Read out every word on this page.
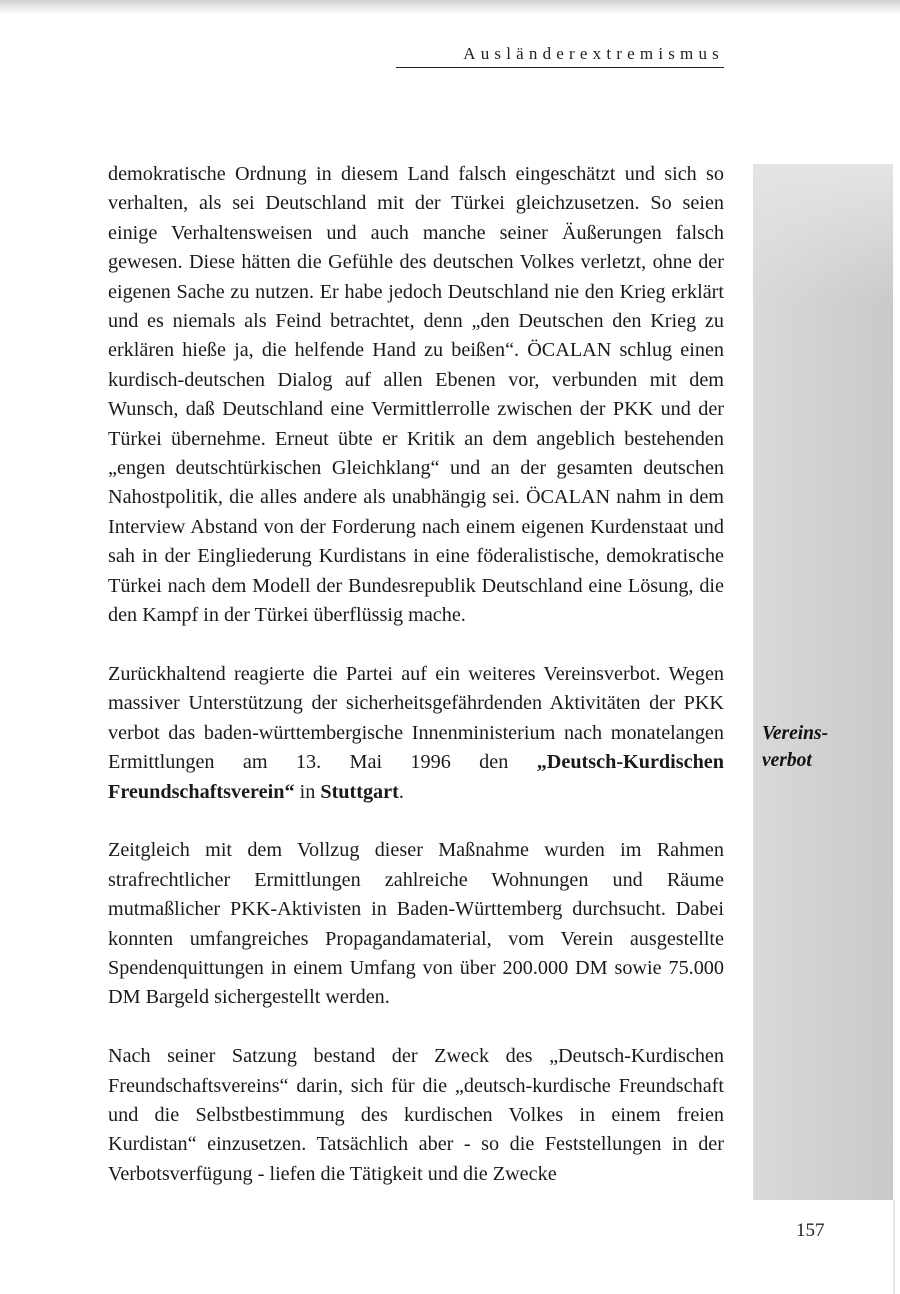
Ausländerextremismus

demokratische Ordnung in diesem Land falsch eingeschätzt und sich so verhalten, als sei Deutschland mit der Türkei gleichzusetzen. So seien einige Verhaltensweisen und auch manche seiner Äußerungen falsch gewesen. Diese hätten die Gefühle des deutschen Volkes verletzt, ohne der eigenen Sache zu nutzen. Er habe jedoch Deutschland nie den Krieg erklärt und es niemals als Feind betrachtet, denn „den Deutschen den Krieg zu erklären hieße ja, die helfende Hand zu beißen“. ÖCALAN schlug einen kurdisch-deutschen Dialog auf allen Ebenen vor, verbunden mit dem Wunsch, daß Deutschland eine Vermittlerrolle zwischen der PKK und der Türkei übernehme. Erneut übte er Kritik an dem angeblich bestehenden „engen deutschtürkischen Gleichklang“ und an der gesamten deutschen Nahostpolitik, die alles andere als unabhängig sei. ÖCALAN nahm in dem Interview Abstand von der Forderung nach einem eigenen Kurdenstaat und sah in der Eingliederung Kurdistans in eine föderalistische, demokratische Türkei nach dem Modell der Bundesrepublik Deutschland eine Lösung, die den Kampf in der Türkei überflüssig mache.

Zurückhaltend reagierte die Partei auf ein weiteres Vereinsverbot. Wegen massiver Unterstützung der sicherheitsgefährdenden Aktivitäten der PKK verbot das baden-württembergische Innenministerium nach monatelangen Ermittlungen am 13. Mai 1996 den „Deutsch-Kurdischen Freundschaftsverein“ in Stuttgart.

Zeitgleich mit dem Vollzug dieser Maßnahme wurden im Rahmen strafrechtlicher Ermittlungen zahlreiche Wohnungen und Räume mutmaßlicher PKK-Aktivisten in Baden-Württemberg durchsucht. Dabei konnten umfangreiches Propagandamaterial, vom Verein ausgestellte Spendenquittungen in einem Umfang von über 200.000 DM sowie 75.000 DM Bargeld sichergestellt werden.

Nach seiner Satzung bestand der Zweck des „Deutsch-Kurdischen Freundschaftsvereins“ darin, sich für die „deutsch-kurdische Freundschaft und die Selbstbestimmung des kurdischen Volkes in einem freien Kurdistan“ einzusetzen. Tatsächlich aber - so die Feststellungen in der Verbotsverfügung - liefen die Tätigkeit und die Zwecke

Vereins-
verbot
157
